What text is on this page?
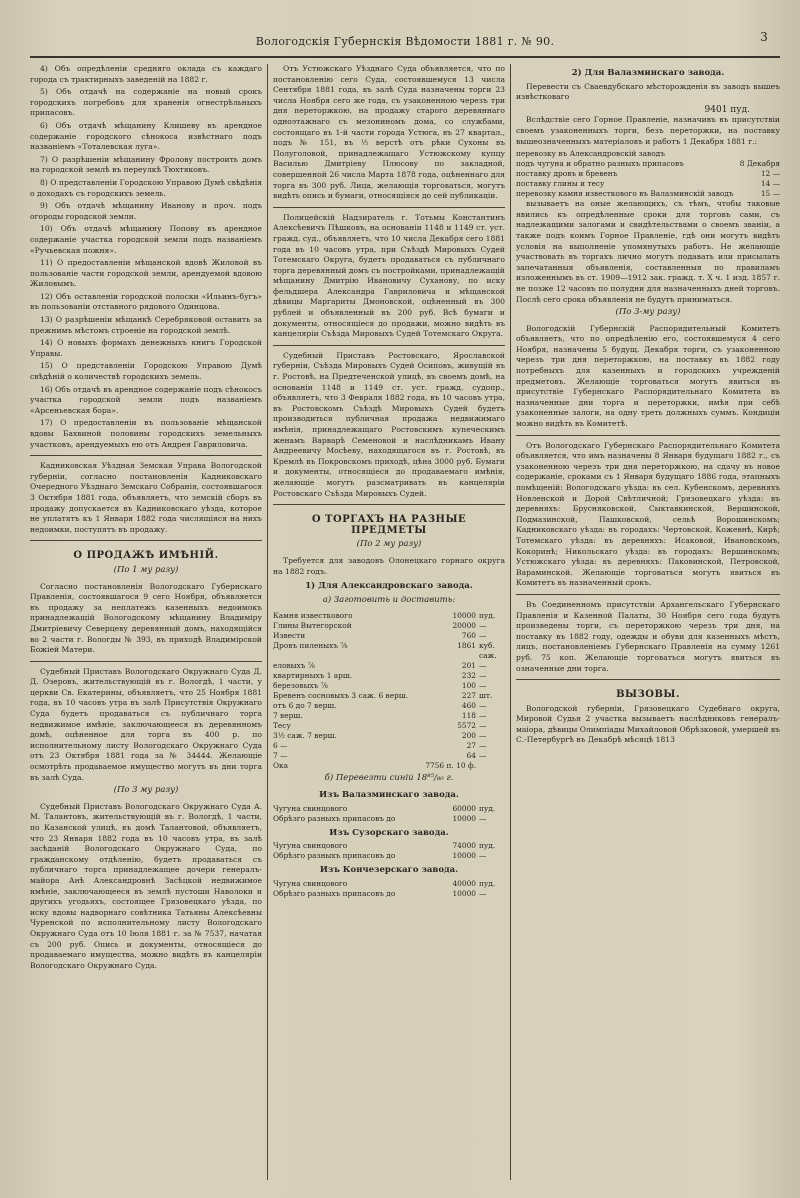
Вологодскія Губернскія Вѣдомости 1881 г. № 90.	3

4) Объ опредѣленіи средняго оклада съ каждаго города съ трактирныхъ заведеній на 1882 г.

5) Объ отдачѣ на содержаніе на новый срокъ городскихъ погребовъ для храненія огнестрѣльныхъ припасовъ.

6) Объ отдачѣ мѣщанину Клишеву въ арендное содержаніе городского сѣнокоса извѣстнаго подъ названіемъ «Тоталевская луга».

7) О разрѣшеніи мѣщанину Фролову построить домъ на городской землѣ въ переулкѣ Тюхтяковъ.

8) О представленіи Городскою Управою Думѣ свѣдѣнія о доходахъ съ городскихъ земель.

9) Объ отдачѣ мѣщанину Иванову и проч. подъ огороды городской земли.

10) Объ отдачѣ мѣщанину Попову въ арендное содержаніе участка городской земли подъ названіемъ «Ручьевская пожня».

11) О предоставленіи мѣщанской вдовѣ Жиловой въ пользованіе части городской земли, арендуемой вдовою Жиловымъ.

12) Объ оставленіи городской полоски «Ильинъ-бугъ» въ пользованіи отставного рядового Одинцова.

13) О разрѣшеніи мѣщанкѣ Серебряковой оставить за прежнимъ мѣстомъ строеніе на городской землѣ.

14) О новыхъ формахъ денежныхъ книгъ Городской Управы.

15) О представленіи Городскою Управою Думѣ свѣдѣній о количествѣ городскихъ земель.

16) Объ отдачѣ въ арендное содержаніе подъ сѣнокосъ участка городской земли подъ названіемъ «Арсеньевская бора».

17) О предоставленіи въ пользованіе мѣщанской вдовы Бахвиной половины городскихъ земельныхъ участковъ, арендуемыхъ ею отъ Андрея Гавриловича.

Кадниковская Уѣздная Земская Управа Вологодской губерніи, согласно постановленія Кадниковскаго Очередного Уѣзднаго Земскаго Собранія, состоявшагося 3 Октября 1881 года, объявляетъ, что земскій сборъ въ продажу допускается въ Кадниковскаго уѣзда, которое не уплатятъ къ 1 Января 1882 года числящіяся на нихъ недоимки, поступятъ въ продажу.

О ПРОДАЖѢ ИМѢНІЙ.
(По 1 му разу)

Согласно постановленія Вологодскаго Губернскаго Правленія, состоявшагося 9 сего Ноября, объявляется въ продажу за неплатежъ казенныхъ недоимокъ принадлежащій Вологодскому мѣщанину Владиміру Дмитріевичу Северцеву деревянный домъ, находящійся во 2 части г. Вологды № 393, въ приходѣ Владимірской Божіей Матери.

Судебный Приставъ Вологодскаго Окружнаго Суда Д. Д. Озеровъ, жительствующій въ г. Вологдѣ, 1 части, у церкви Св. Екатерины, объявляетъ, что 25 Ноября 1881 года, въ 10 часовъ утра въ залѣ Присутствія Окружнаго Суда будетъ продаваться съ публичнаго торга недвижимое имѣніе, заключающееся въ деревянномъ домѣ, оцѣненное для торга въ 400 р. по исполнительному листу Вологодскаго Окружнаго Суда отъ 23 Октября 1881 года за № 34444. Желающіе осмотрѣть продаваемое имущество могутъ въ дни торга въ залѣ Суда.

(По 3 му разу)

Судебный Приставъ Вологодскаго Окружнаго Суда А. М. Талантовъ, жительствующій въ г. Вологдѣ, 1 части, по Казанской улицѣ, въ домѣ Талантовой, объявляетъ, что 23 Января 1882 года въ 10 часовъ утра, въ залѣ засѣданій Вологодскаго Окружнаго Суда, по гражданскому отдѣленію, будетъ продаваться съ публичнаго торга принадлежащее дочери генералъ-майора Анѣ Александровнѣ Засѣцкой недвижимое имѣніе, заключающееся въ землѣ пустоши Наволоки и другихъ угодьяхъ, состоящее Грязовецкаго уѣзда, по иску вдовы надворнаго совѣтника Татьяны Алексѣевны Чуренской по исполнительному листу Вологодскаго Окружнаго Суда отъ 10 Іюля 1881 г. за № 7537, начатая съ 200 руб. Опись и документы, относящіеся до продаваемаго имущества, можно видѣть въ канцеляріи Вологодскаго Окружнаго Суда.

Отъ Устюжскаго Уѣзднаго Суда объявляется, что по постановленію сего Суда, состоявшемуся 13 числа Сентября 1881 года, въ залѣ Суда назначены торги 23 числа Ноября сего же года, съ узаконенною черезъ три дня переторжкою, на продажу старого деревяннаго одноэтажнаго съ мезониномъ дома, со службами, состоящаго въ 1-й части города Устюга, въ 27 квартал., подъ № 151, въ ½ верстѣ отъ рѣки Сухоны въ Полуголовой, принадлежащаго Устюжскому купцу Василью Дмитріеву Плюсову по закладной, совершенной 26 числа Марта 1878 года, оцѣненнаго для торга въ 300 руб. Лица, желающія торговаться, могутъ видѣть опись и бумаги, относящіяся до сей публикаціи.

Полицейскій Надзиратель г. Тотьмы Константинъ Алексѣевичъ Пѣшковъ, на основаніи 1148 и 1149 ст. уст. гражд. суд., объявляетъ, что 10 числа Декабря сего 1881 года въ 10 часовъ утра, при Съѣздѣ Мировыхъ Судей Тотемскаго Округа, будетъ продаваться съ публичнаго торга деревянный домъ съ постройками, принадлежащій мѣщанину Дмитрію Ивановичу Суханову, по иску фельдшера Александра Гавриловича и мѣщанской дѣвицы Маргариты Дмоновской, оцѣненный въ 300 рублей и объявленный въ 200 руб. Всѣ бумаги и документы, относящіеся до продажи, можно видѣть въ канцеляріи Съѣзда Мировыхъ Судей Тотемскаго Округа.

Судебный Приставъ Ростовскаго, Ярославской губерніи, Съѣзда Мировыхъ Судей Осиповъ, живущій въ г. Ростовѣ, на Предтеченской улицѣ, въ своемъ домѣ, на основаніи 1148 и 1149 ст. уст. гражд. судопр., объявляетъ, что 3 Февраля 1882 года, въ 10 часовъ утра, въ Ростовскомъ Съѣздѣ Мировыхъ Судей будетъ производиться публичная продажа недвижимаго имѣнія, принадлежащаго Ростовскимъ купеческимъ женамъ Варварѣ Семеновой и наслѣдникамъ Ивану Андреевичу Мосѣеву, находящагося въ г. Ростовѣ, въ Кремлѣ въ Покровскомъ приходѣ, цѣна 3000 руб. Бумаги и документы, относящіеся до продаваемаго имѣнія, желающіе могутъ разсматривать въ канцеляріи Ростовскаго Съѣзда Мировыхъ Судей.

О ТОРГАХЪ НА РАЗНЫЕ ПРЕДМЕТЫ
(По 2 му разу)

Требуется для заводовъ Олонецкаго горнаго округа на 1882 годъ.

1) Для Александровскаго завода.
а) Заготовить и доставить:
Камня известкового	10000	пуд.
Глины Вытегорской	20000	—
Извести	760	—
Дровъ пиленыхъ ⅞	1861	куб. саж.
еловыхъ ⅞	201	—
квартирныхъ 1 арш.	232	—
березовыхъ ⅞	100	—
Бревенъ сосновыхъ 3 саж. 6 верш.	227	шт.
отъ 6 до 7 верш.	460	—
7 верш.	118	—
Тесу	5572	—
3½ саж. 7 верш.	200	—
6 —	27	—
7 —	64	—
Ока	7756 п. 10 ф.	
б) Перевезти синій 18⁸⁵/₈₀ г.
Изъ Валазминскаго завода.
Чугуна свинцового	60000	пуд.
Обрѣзго разныхъ припасовъ до	10000	—
Изъ Сузорскаго завода.
Чугуна свинцового	74000	пуд.
Обрѣзго разныхъ припасовъ до	10000	—
Изъ Кончезерскаго завода.
Чугуна свинцового	40000	пуд.
Обрѣзго разныхъ припасовъ до	10000	—
2) Для Валазминскаго завода.

Перевести съ Сваевдубскаго мѣсторожденія въ заводъ вышеъ извѣстковаго

9401 пуд.

Вслѣдствіе сего Горное Правленіе, назначивъ въ присутствіи своемъ узаконенныхъ торги, безъ переторжки, на поставку вышеозначенныхъ матеріаловъ и работъ 1 Декабря 1881 г.:

перевозку въ Александровскій заводъ	
подъ чугуна и обратно разныхъ припасовъ	8 Декабря
поставку дровъ и бревенъ	12 —
поставку глины и тесу	14 —
перевозку камня известкового въ Валазминскій заводъ	15 —

вызываетъ на оные желающихъ, съ тѣмъ, чтобы таковые явились къ опредѣленные сроки для торговъ сами, съ надлежащими залогами и свидѣтельствами о своемъ званіи, а также подъ коимъ Горное Правленіе, гдѣ они могутъ видѣть условія на выполненіе упомянутыхъ работъ. Не желающіе участвовать въ торгахъ лично могутъ подавать или присылать запечатанныя объявленія, составленныя по правиламъ изложеннымъ въ ст. 1909—1912 зак. гражд. т. X ч. 1 изд. 1857 г. не позже 12 часовъ по полудни для назначенныхъ дней торговъ. Послѣ сего срока объявленія не будутъ приниматься.

(По 3-му разу)

Вологодскій Губернскій Распорядительный Комитетъ объявляетъ, что по опредѣленію его, состоявшемуся 4 сего Ноября, назначены 5 будущ. Декабря торги, съ узаконенною черезъ три дня переторжкою, на поставку въ 1882 году потребныхъ для казенныхъ и городскихъ учрежденій предметовъ. Желающіе торговаться могутъ явиться въ присутствіе Губернскаго Распорядительнаго Комитета въ назначенные дни торга и переторжки, имѣя при себѣ узаконенные залоги, на одну треть должныхъ суммъ. Кондиціи можно видѣть въ Комитетѣ.

Отъ Вологодскаго Губернскаго Распорядительнаго Комитета объявляется, что имъ назначены 8 Января будущаго 1882 г., съ узаконенною черезъ три дня переторжкою, на сдачу въ новое содержаніе, сроками съ 1 Января будущаго 1886 года, этапныхъ помѣщеній: Вологодскаго уѣзда: въ сел. Кубенскомъ, деревняхъ Новленской и Дорой Свѣтличной; Грязовецкаго уѣзда: въ деревняхъ: Брусняковской, Сыктавкинской, Вершинской, Подмазинской, Пашковской, сельѣ Ворошинскомъ; Кадниковскаго уѣзда: въ городахъ: Чертовской, Кожевнѣ, Кирѣ; Тотемскаго уѣзда: въ деревняхъ: Исаковой, Ивановскомъ, Кокоринѣ; Никольскаго уѣзда: въ городахъ: Вершинскомъ; Устюжскаго уѣзда: въ деревняхъ: Паковинской, Петровской, Вараминской. Желающіе торговаться могутъ явиться въ Комитетъ въ назначенный срокъ.

Въ Соединенномъ присутствіи Архангельскаго Губернскаго Правленія и Казенной Палаты, 30 Ноября сего года будутъ произведены торги, съ переторжкою черезъ три дня, на поставку въ 1882 году, одежды и обуви для казенныхъ мѣстъ, лицъ, постановленіемъ Губернскаго Правленія на сумму 1261 руб. 75 коп. Желающіе торговаться могутъ явиться въ означенные дни торга.

ВЫЗОВЫ.

Вологодской губерніи, Грязовецкаго Судебнаго округа, Мировой Судья 2 участка вызываетъ наслѣдниковъ генералъ-маіора, дѣвицы Олимпіады Михайловой Обрѣзковой, умершей въ С.-Петербургѣ въ Декабрѣ мѣсяцѣ 1813
